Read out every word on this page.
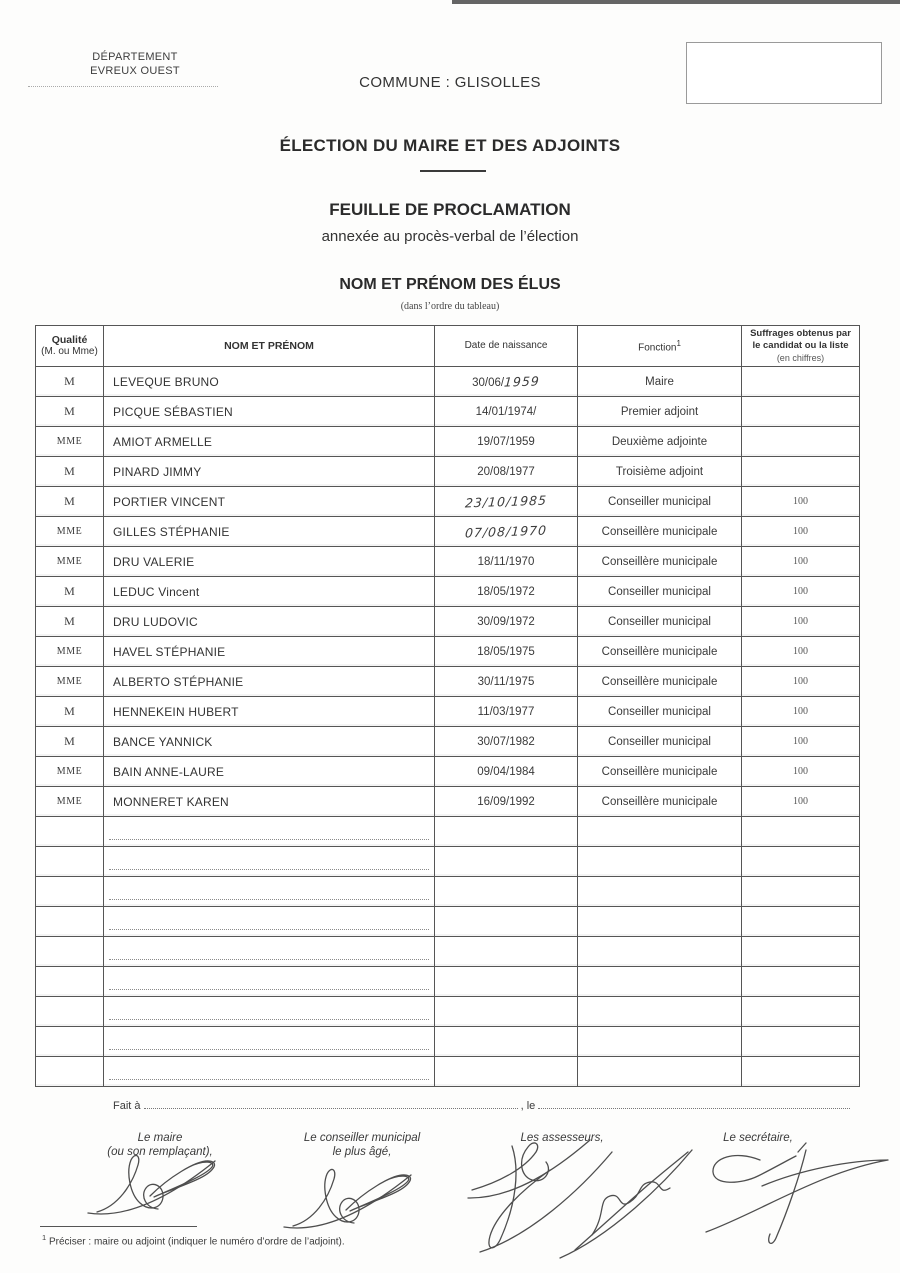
DÉPARTEMENT
EVREUX OUEST
COMMUNE : GLISOLLES
ÉLECTION DU MAIRE ET DES ADJOINTS
FEUILLE DE PROCLAMATION
annexée au procès-verbal de l’élection
NOM ET PRÉNOM DES ÉLUS
(dans l’ordre du tableau)
Qualité
(M. ou Mme)	NOM ET PRÉNOM	Date de naissance	Fonction$^1$	
Suffrages obtenus par
le candidat ou la liste
(en chiffres)

M	LEVEQUE BRUNO	30/06/1959	Maire	
M	PICQUE SÉBASTIEN	14/01/1974/	Premier adjoint	
MME	AMIOT ARMELLE	19/07/1959	Deuxième adjointe	
M	PINARD JIMMY	20/08/1977	Troisième adjoint	
M	PORTIER VINCENT	23/10/1985	Conseiller municipal	100
MME	GILLES STÉPHANIE	07/08/1970	Conseillère municipale	100
MME	DRU VALERIE	18/11/1970	Conseillère municipale	100
M	LEDUC Vincent	18/05/1972	Conseiller municipal	100
M	DRU LUDOVIC	30/09/1972	Conseiller municipal	100
MME	HAVEL STÉPHANIE	18/05/1975	Conseillère municipale	100
MME	ALBERTO STÉPHANIE	30/11/1975	Conseillère municipale	100
M	HENNEKEIN HUBERT	11/03/1977	Conseiller municipal	100
M	BANCE YANNICK	30/07/1982	Conseiller municipal	100
MME	BAIN ANNE-LAURE	09/04/1984	Conseillère municipale	100
MME	MONNERET KAREN	16/09/1992	Conseillère municipale	100

Fait à	, le
Le maire
(ou son remplaçant),
Le conseiller municipal
le plus âgé,
Les assesseurs,	Le secrétaire,
$^1$ Préciser : maire ou adjoint (indiquer le numéro d’ordre de l’adjoint).
